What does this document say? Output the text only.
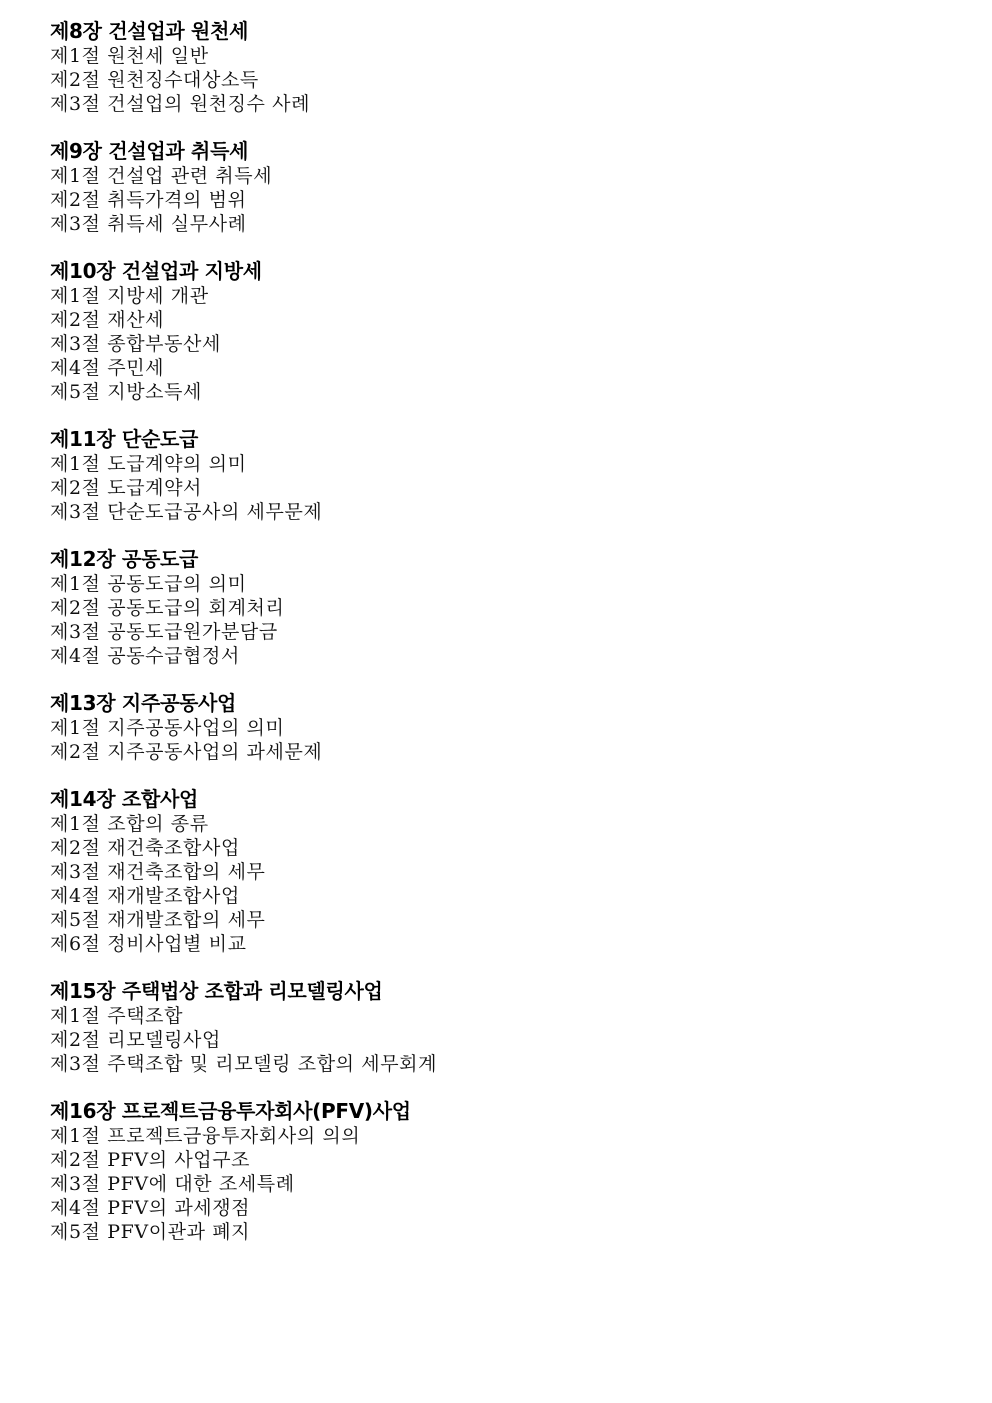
제8장 건설업과 원천세
제1절 원천세 일반
제2절 원천징수대상소득
제3절 건설업의 원천징수 사례
제9장 건설업과 취득세
제1절 건설업 관련 취득세
제2절 취득가격의 범위
제3절 취득세 실무사례
제10장 건설업과 지방세
제1절 지방세 개관
제2절 재산세
제3절 종합부동산세
제4절 주민세
제5절 지방소득세
제11장 단순도급
제1절 도급계약의 의미
제2절 도급계약서
제3절 단순도급공사의 세무문제
제12장 공동도급
제1절 공동도급의 의미
제2절 공동도급의 회계처리
제3절 공동도급원가분담금
제4절 공동수급협정서
제13장 지주공동사업
제1절 지주공동사업의 의미
제2절 지주공동사업의 과세문제
제14장 조합사업
제1절 조합의 종류
제2절 재건축조합사업
제3절 재건축조합의 세무
제4절 재개발조합사업
제5절 재개발조합의 세무
제6절 정비사업별 비교
제15장 주택법상 조합과 리모델링사업
제1절 주택조합
제2절 리모델링사업
제3절 주택조합 및 리모델링 조합의 세무회계
제16장 프로젝트금융투자회사(PFV)사업
제1절 프로젝트금융투자회사의 의의
제2절 PFV의 사업구조
제3절 PFV에 대한 조세특례
제4절 PFV의 과세쟁점
제5절 PFV이관과 폐지
